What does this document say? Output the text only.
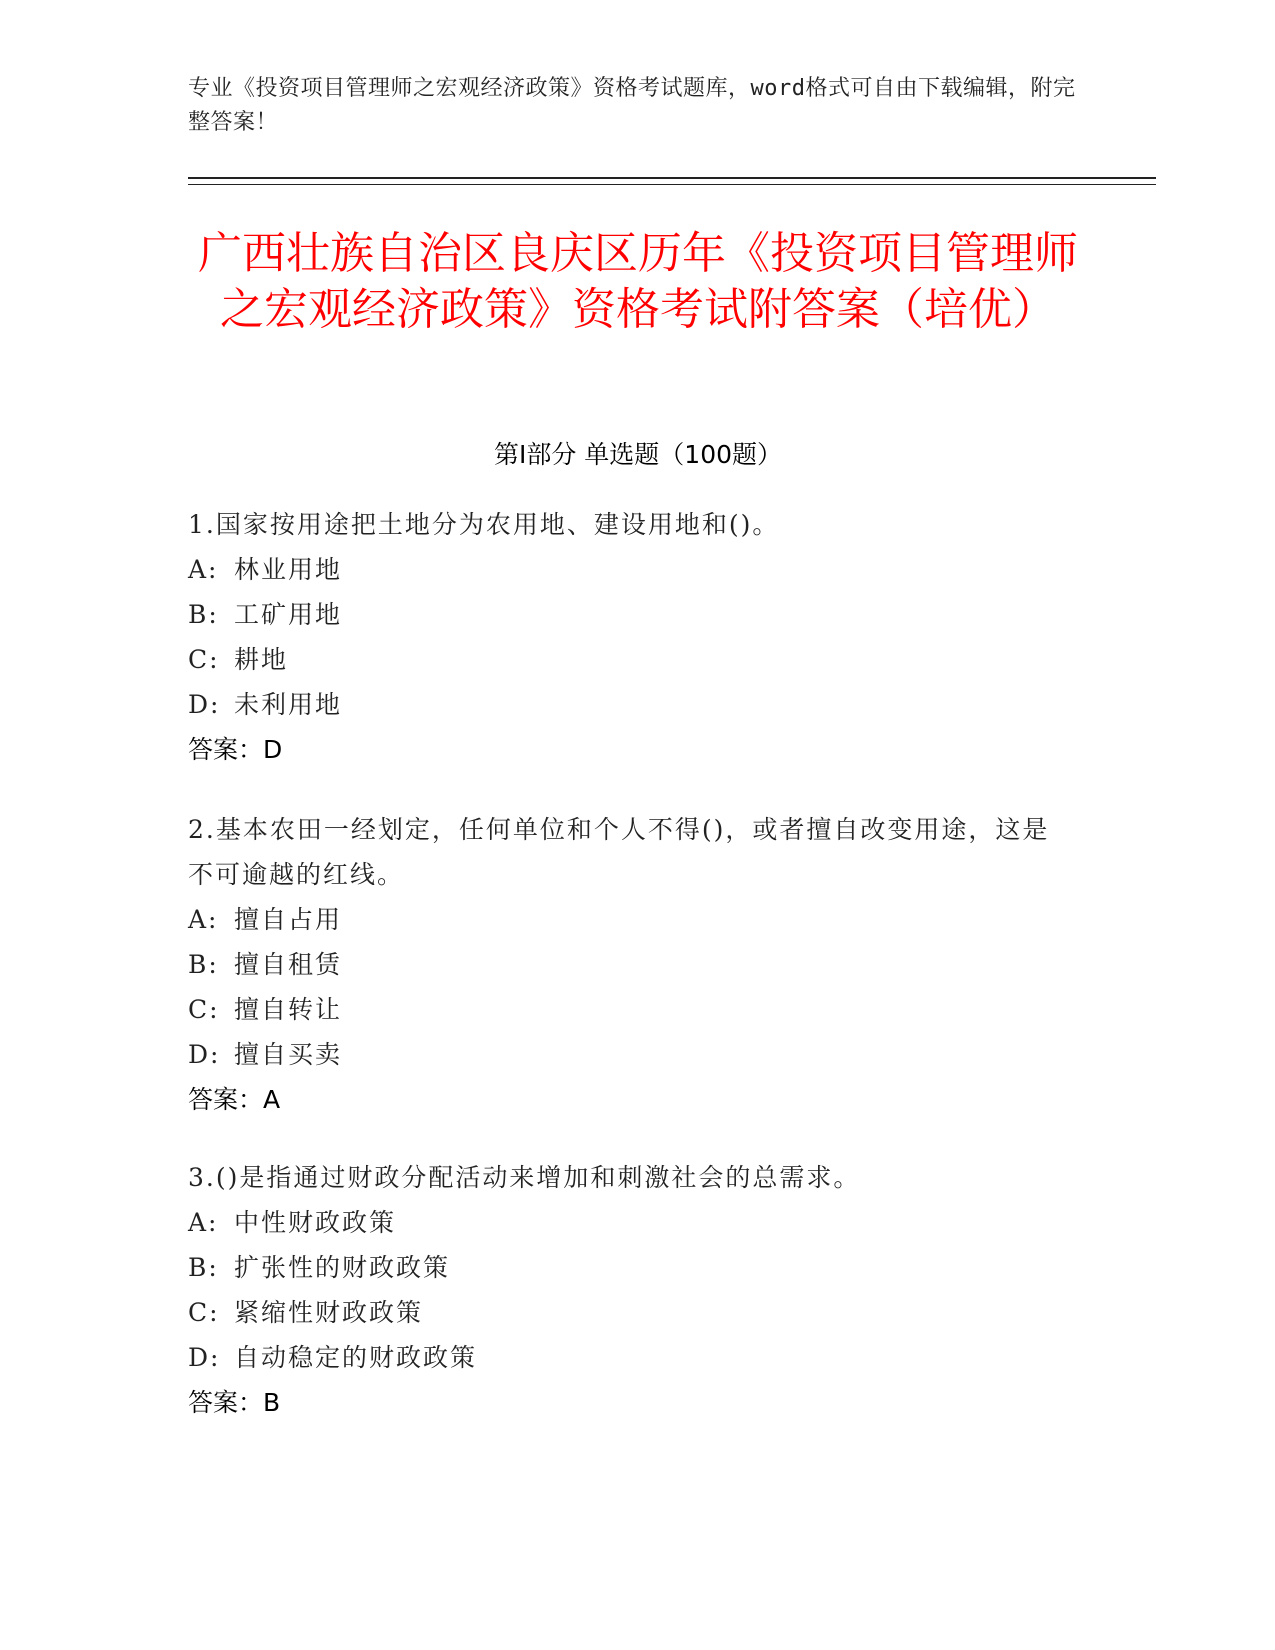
专业《投资项目管理师之宏观经济政策》资格考试题库，word格式可自由下载编辑，附完整答案！
广西壮族自治区良庆区历年《投资项目管理师之宏观经济政策》资格考试附答案（培优）
第I部分 单选题（100题）

1.国家按用途把土地分为农用地、建设用地和()。

A: 林业用地

B: 工矿用地

C: 耕地

D: 未利用地

答案：D

2.基本农田一经划定，任何单位和个人不得()，或者擅自改变用途，这是不可逾越的红线。

A: 擅自占用

B: 擅自租赁

C: 擅自转让

D: 擅自买卖

答案：A

3.()是指通过财政分配活动来增加和刺激社会的总需求。

A: 中性财政政策

B: 扩张性的财政政策

C: 紧缩性财政政策

D: 自动稳定的财政政策

答案：B
